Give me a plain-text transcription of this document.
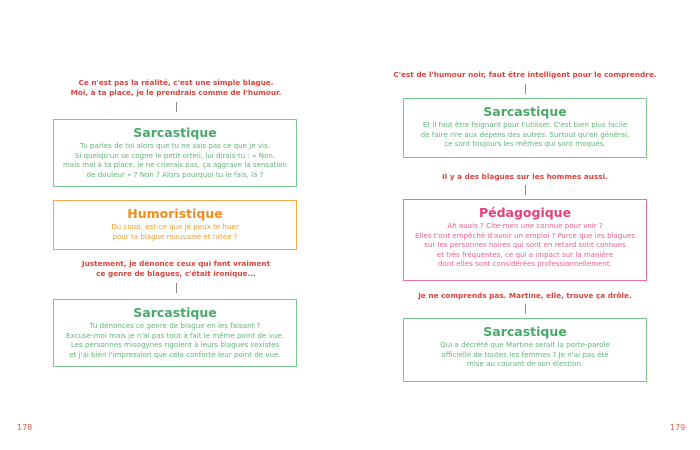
Ce n'est pas la réalité, c'est une simple blague.
Moi, à ta place, je le prendrais comme de l'humour.
Sarcastique
Tu parles de toi alors que tu ne sais pas ce que je vis.
Si quelqu'un se cogne le petit orteil, lui dirais-tu : « Non,
mais moi à ta place, je ne crierais pas, ça aggrave la sensation
de douleur » ? Non ? Alors pourquoi tu le fais, là ?
Humoristique
Du coup, est-ce que je peux te huer
pour ta blague mauvaise et ratée ?
Justement, je dénonce ceux qui font vraiment
ce genre de blagues, c'était ironique...
Sarcastique
Tu dénonces ce genre de blague en les faisant ?
Excuse-moi mais je n'ai pas tout à fait le même point de vue.
Les personnes misogynes rigolent à leurs blagues sexistes
et j'ai bien l'impression que cela conforte leur point de vue.
178
C'est de l'humour noir, faut être intelligent pour le comprendre.
Sarcastique
Et il faut être feignant pour l'utiliser. C'est bien plus facile
de faire rire aux dépens des autres. Surtout qu'en général,
ce sont toujours les mêmes qui sont moqués.
Il y a des blagues sur les hommes aussi.
Pédagogique
Ah ouais ? Cite-men une connue pour voir ?
Elles t'ont empêché d'avoir un emploi ? Parce que les blagues
sur les personnes noires qui sont en retard sont connues
et très fréquentes, ce qui a impact sur la manière
dont elles sont considérées professionnellement.
Je ne comprends pas. Martine, elle, trouve ça drôle.
Sarcastique
Qui a décrété que Martine serait la porte-parole
officielle de toutes les femmes ? Je n'ai pas été
mise au courant de son élection.
179
